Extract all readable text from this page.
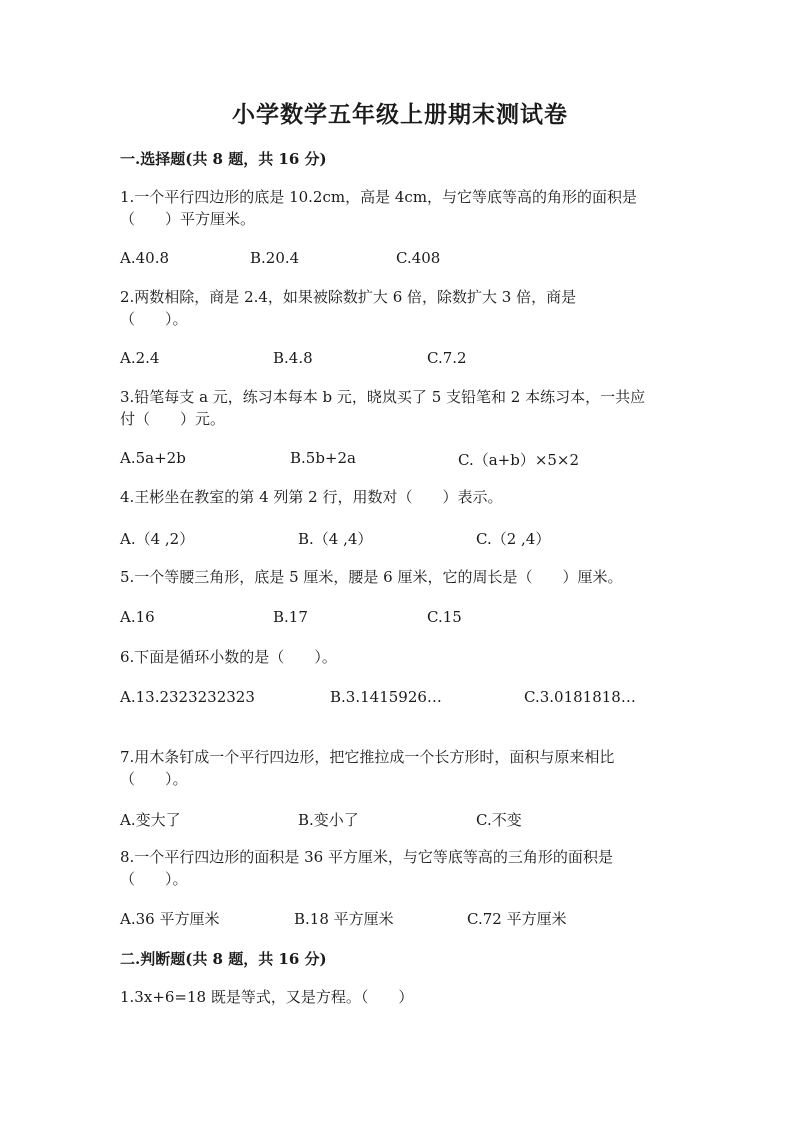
小学数学五年级上册期末测试卷
一.选择题(共 8 题，共 16 分)
1.一个平行四边形的底是 10.2cm，高是 4cm，与它等底等高的角形的面积是
（　　）平方厘米。
A.40.8	B.20.4	C.408
2.两数相除，商是 2.4，如果被除数扩大 6 倍，除数扩大 3 倍，商是
（　　）。
A.2.4	B.4.8	C.7.2
3.铅笔每支 a 元，练习本每本 b 元，晓岚买了 5 支铅笔和 2 本练习本，一共应
付（　　）元。
A.5a+2b	B.5b+2a	C.（a+b）×5×2
4.王彬坐在教室的第 4 列第 2 行，用数对（　　）表示。
A.（4 ,2）	B.（4 ,4）	C.（2 ,4）
5.一个等腰三角形，底是 5 厘米，腰是 6 厘米，它的周长是（　　）厘米。
A.16	B.17	C.15
6.下面是循环小数的是（　　）。
A.13.2323232323	B.3.1415926…	C.3.0181818…
7.用木条钉成一个平行四边形，把它推拉成一个长方形时，面积与原来相比
（　　）。
A.变大了	B.变小了	C.不变
8.一个平行四边形的面积是 36 平方厘米，与它等底等高的三角形的面积是
（　　）。
A.36 平方厘米	B.18 平方厘米	C.72 平方厘米
二.判断题(共 8 题，共 16 分)
1.3x+6=18 既是等式，又是方程。（　　）
